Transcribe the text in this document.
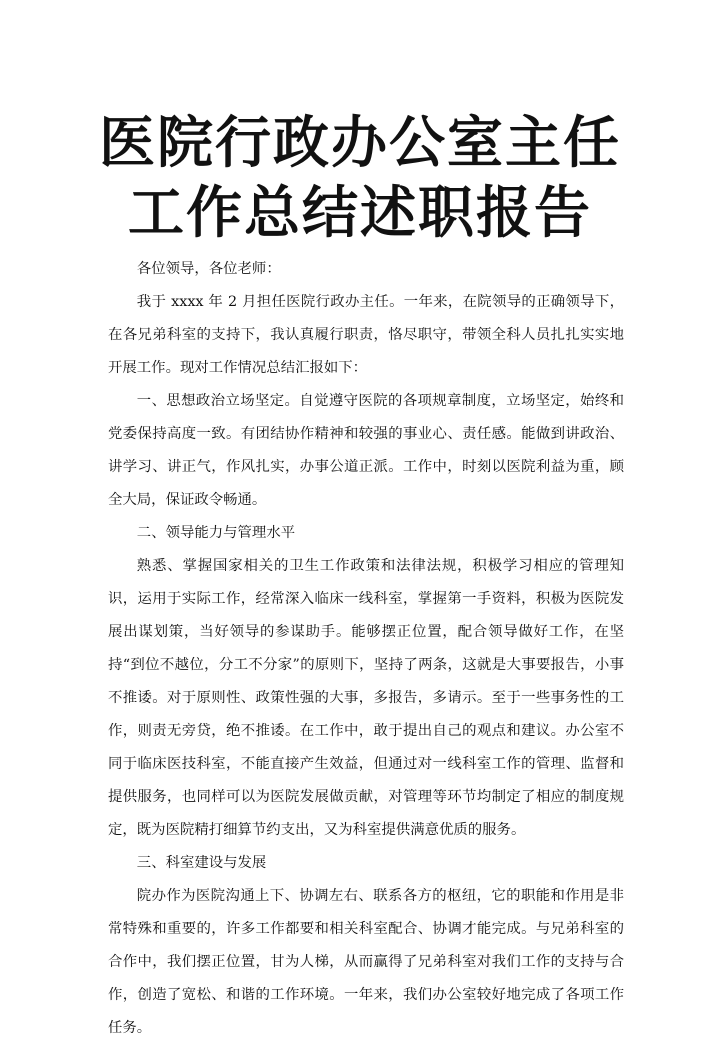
医院行政办公室主任
工作总结述职报告

各位领导，各位老师：

我于 xxxx 年 2 月担任医院行政办主任。一年来，在院领导的正确领导下，在各兄弟科室的支持下，我认真履行职责，恪尽职守，带领全科人员扎扎实实地开展工作。现对工作情况总结汇报如下：

一、思想政治立场坚定。自觉遵守医院的各项规章制度，立场坚定，始终和党委保持高度一致。有团结协作精神和较强的事业心、责任感。能做到讲政治、讲学习、讲正气，作风扎实，办事公道正派。工作中，时刻以医院利益为重，顾全大局，保证政令畅通。

二、领导能力与管理水平

熟悉、掌握国家相关的卫生工作政策和法律法规，积极学习相应的管理知识，运用于实际工作，经常深入临床一线科室，掌握第一手资料，积极为医院发展出谋划策，当好领导的参谋助手。能够摆正位置，配合领导做好工作，在坚持“到位不越位，分工不分家”的原则下，坚持了两条，这就是大事要报告，小事不推诿。对于原则性、政策性强的大事，多报告，多请示。至于一些事务性的工作，则责无旁贷，绝不推诿。在工作中，敢于提出自己的观点和建议。办公室不同于临床医技科室，不能直接产生效益，但通过对一线科室工作的管理、监督和提供服务，也同样可以为医院发展做贡献，对管理等环节均制定了相应的制度规定，既为医院精打细算节约支出，又为科室提供满意优质的服务。

三、科室建设与发展

院办作为医院沟通上下、协调左右、联系各方的枢纽，它的职能和作用是非常特殊和重要的，许多工作都要和相关科室配合、协调才能完成。与兄弟科室的合作中，我们摆正位置，甘为人梯，从而赢得了兄弟科室对我们工作的支持与合作，创造了宽松、和谐的工作环境。一年来，我们办公室较好地完成了各项工作任务。
